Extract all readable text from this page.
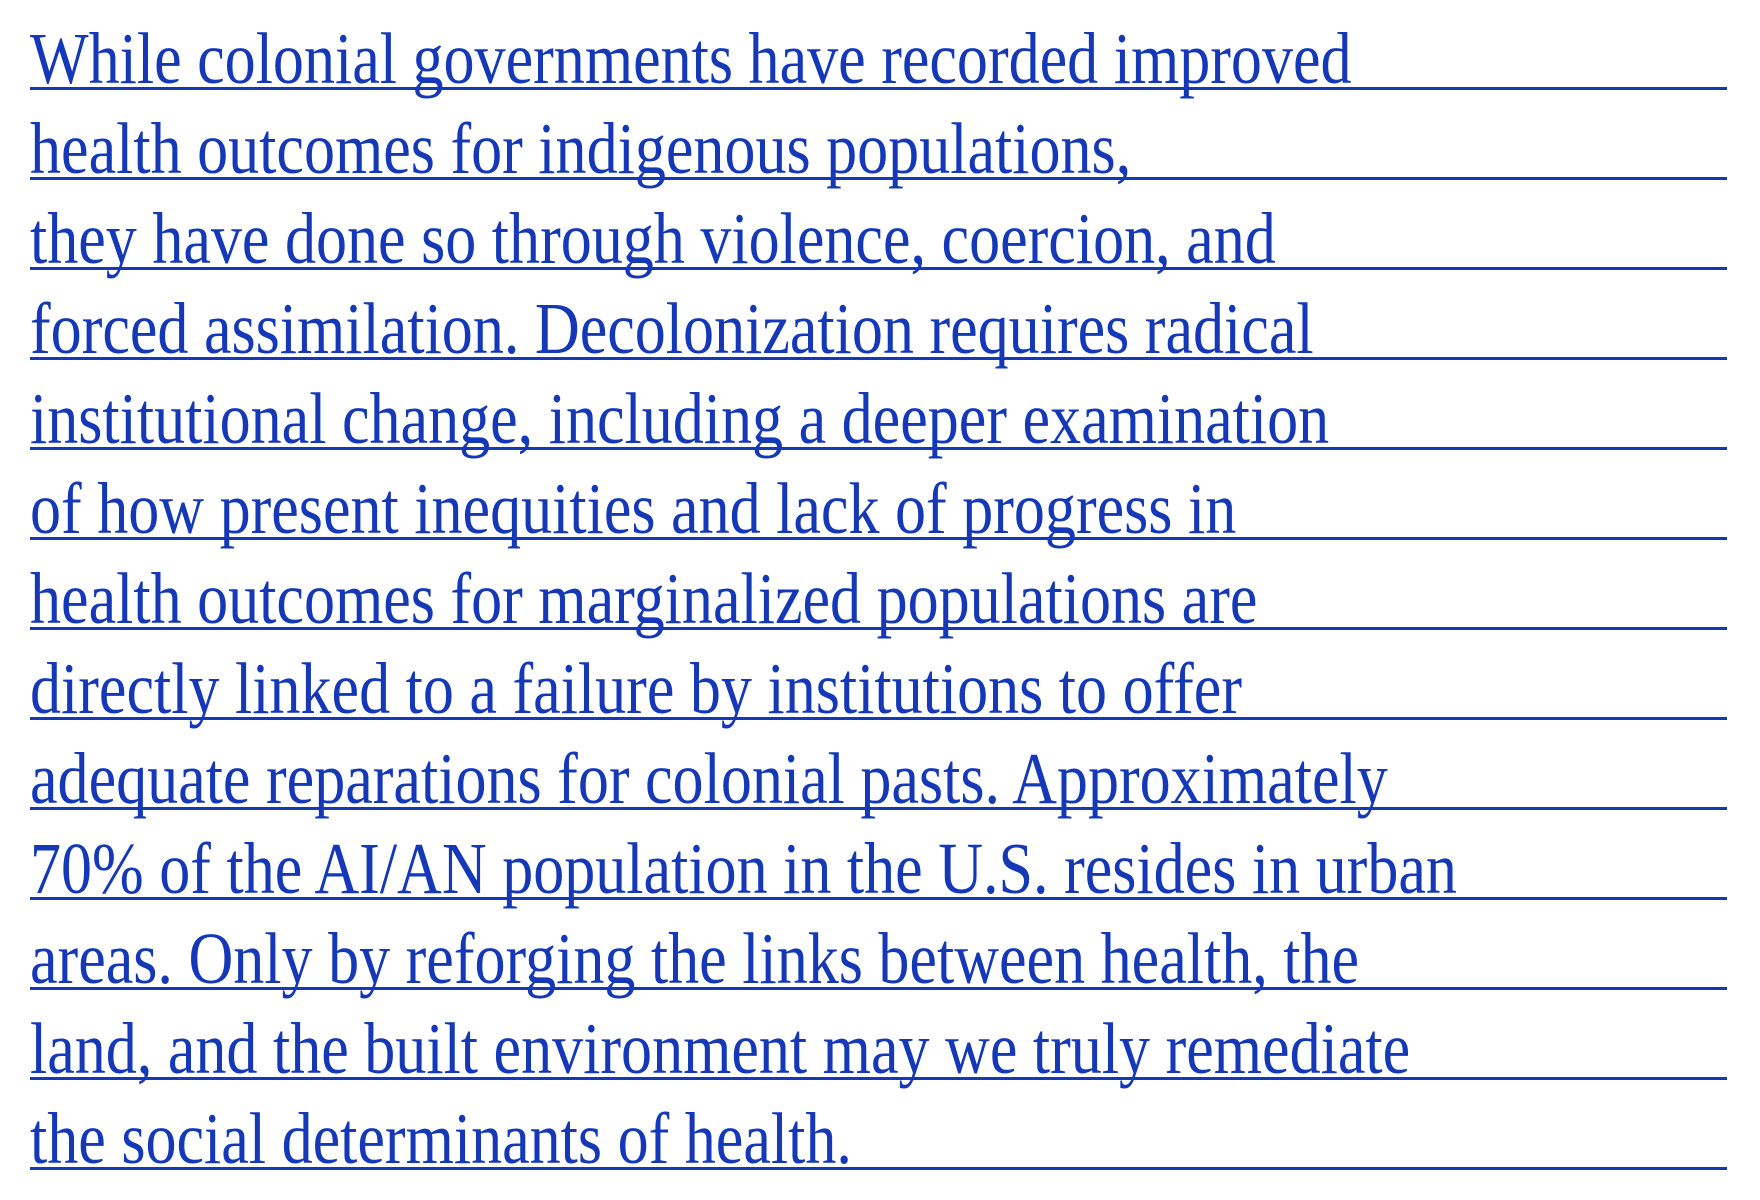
While colonial governments have recorded improved
health outcomes for indigenous populations,
they have done so through violence, coercion, and
forced assimilation. Decolonization requires radical
institutional change, including a deeper examination
of how present inequities and lack of progress in
health outcomes for marginalized populations are
directly linked to a failure by institutions to offer
adequate reparations for colonial pasts. Approximately
70% of the AI/AN population in the U.S. resides in urban
areas. Only by reforging the links between health, the
land, and the built environment may we truly remediate
the social determinants of health.
